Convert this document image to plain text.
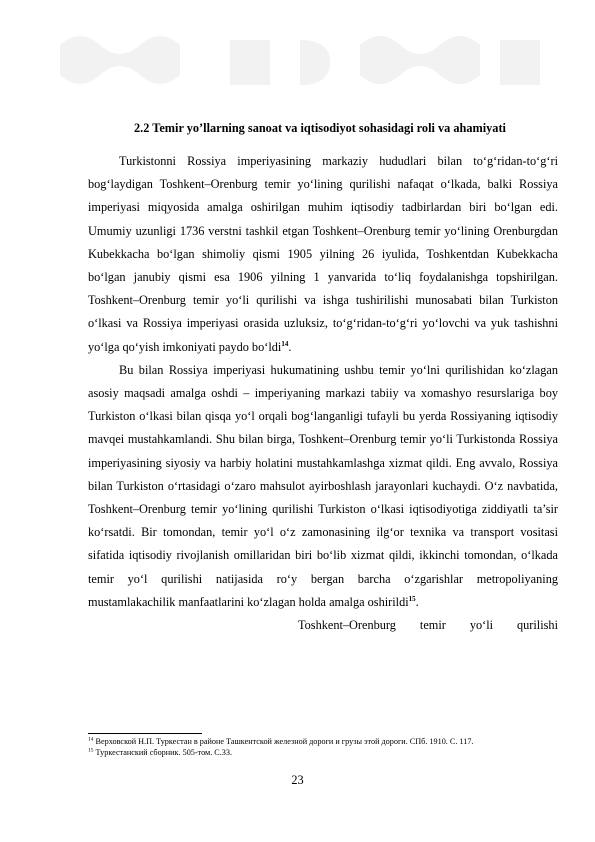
2.2 Temir yo’llarning sanoat va iqtisodiyot sohasidagi roli va ahamiyati

Turkistonni Rossiya imperiyasining markaziy hududlari bilan to‘g‘ridan-to‘g‘ri bog‘laydigan Toshkent–Orenburg temir yo‘lining qurilishi nafaqat o‘lkada, balki Rossiya imperiyasi miqyosida amalga oshirilgan muhim iqtisodiy tadbirlardan biri bo‘lgan edi. Umumiy uzunligi 1736 verstni tashkil etgan Toshkent–Orenburg temir yo‘lining Orenburgdan Kubekkacha bo‘lgan shimoliy qismi 1905 yilning 26 iyulida, Toshkentdan Kubekkacha bo‘lgan janubiy qismi esa 1906 yilning 1 yanvarida to‘liq foydalanishga topshirilgan. Toshkent–Orenburg temir yo‘li qurilishi va ishga tushirilishi munosabati bilan Turkiston o‘lkasi va Rossiya imperiyasi orasida uzluksiz, to‘g‘ridan-to‘g‘ri yo‘lovchi va yuk tashishni yo‘lga qo‘yish imkoniyati paydo bo‘ldi$^{14}$.

Bu bilan Rossiya imperiyasi hukumatining ushbu temir yo‘lni qurilishidan ko‘zlagan asosiy maqsadi amalga oshdi – imperiyaning markazi tabiiy va xomashyo resurslariga boy Turkiston o‘lkasi bilan qisqa yo‘l orqali bog‘langanligi tufayli bu yerda Rossiyaning iqtisodiy mavqei mustahkamlandi. Shu bilan birga, Toshkent–Orenburg temir yo‘li Turkistonda Rossiya imperiyasining siyosiy va harbiy holatini mustahkamlashga xizmat qildi. Eng avvalo, Rossiya bilan Turkiston o‘rtasidagi o‘zaro mahsulot ayirboshlash jarayonlari kuchaydi. O‘z navbatida, Toshkent–Orenburg temir yo‘lining qurilishi Turkiston o‘lkasi iqtisodiyotiga ziddiyatli ta’sir ko‘rsatdi. Bir tomondan, temir yo‘l o‘z zamonasining ilg‘or texnika va transport vositasi sifatida iqtisodiy rivojlanish omillaridan biri bo‘lib xizmat qildi, ikkinchi tomondan, o‘lkada temir yo‘l qurilishi natijasida ro‘y bergan barcha o‘zgarishlar metropoliyaning mustamlakachilik manfaatlarini ko‘zlagan holda amalga oshirildi$^{15}$.

Toshkent–Orenburg temir yo‘li qurilishi

$^{14}$ Верховской Н.П. Туркестан в районе Ташкентской железной дороги и грузы этой дороги. СПб. 1910. С. 117.
$^{15}$ Туркестанский сборник. 505-том. С.33.
23
